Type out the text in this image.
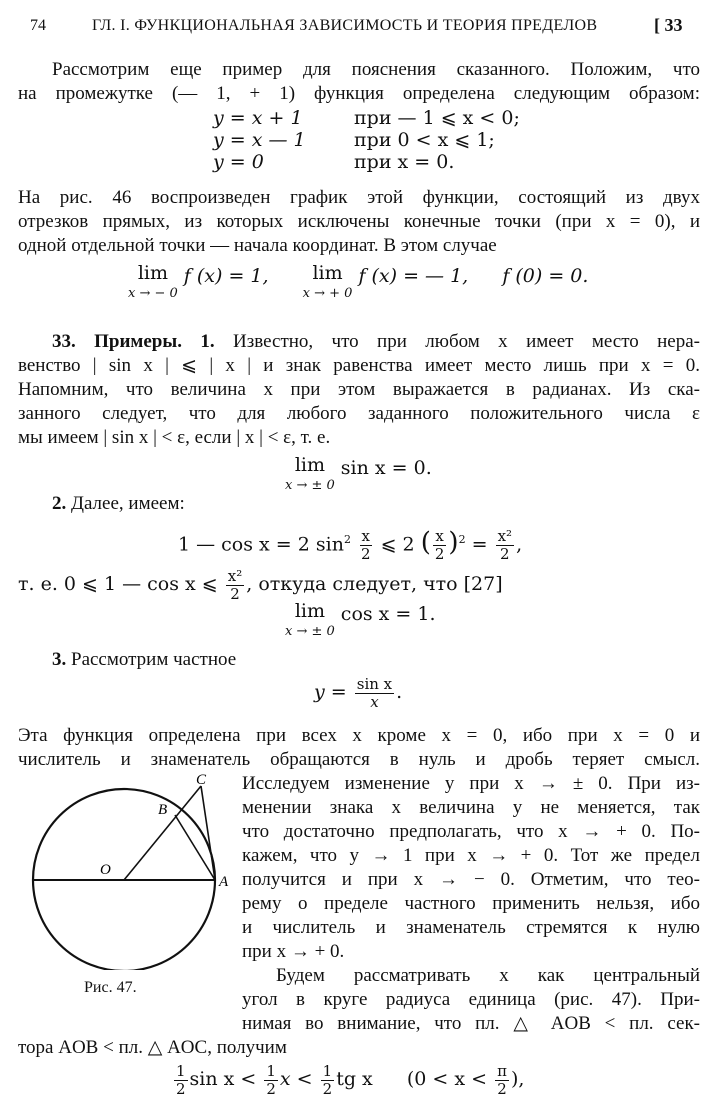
74	ГЛ. I. ФУНКЦИОНАЛЬНАЯ ЗАВИСИМОСТЬ И ТЕОРИЯ ПРЕДЕЛОВ	[ 33
Рассмотрим еще пример для пояснения сказанного. Положим, что
на промежутке (— 1, + 1) функция определена следующим образом:
y = x + 1	при — 1 ⩽ x < 0;
y = x — 1	при 0 < x ⩽ 1;
y = 0	при x = 0.
На рис. 46 воспроизведен график этой функции, состоящий из двух
отрезков прямых, из которых исключены конечные точки (при x = 0), и
одной отдельной точки — начала координат. В этом случае
lim
x → − 0
f (x) = 1, lim
x → + 0
f (x) = — 1, f (0) = 0.
33. Примеры. 1. Известно, что при любом x имеет место нера-
венство | sin x | ⩽ | x | и знак равенства имеет место лишь при x = 0.
Напомним, что величина x при этом выражается в радианах. Из ска-
занного следует, что для любого заданного положительного числа ε
мы имеем | sin x | < ε, если | x | < ε, т. е.
lim
x → ± 0
sin x = 0.
2. Далее, имеем:
1 — cos x = 2 $\sin^2 \frac{x}{2}$ ⩽ 2 ( $\frac{x}{2} )^2 = \frac{\text{x²}}{2}$ ,
т. е. 0 ⩽ 1 — cos x ⩽ $\frac{\text{x²}}{2}$ , откуда следует, что [27]
lim
x → ± 0
cos x = 1.
3. Рассмотрим частное
$y = \frac{\text{sin x}}{x}$ .
Эта функция определена при всех x кроме x = 0, ибо при x = 0 и
числитель и знаменатель обращаются в нуль и дробь теряет смысл.
Исследуем изменение y при x → ± 0. При из-
менении знака x величина y не меняется, так
что достаточно предполагать, что x → + 0. По-
кажем, что y → 1 при x → + 0. Тот же предел
получится и при x → − 0. Отметим, что тео-
рему о пределе частного применить нельзя, ибо
и числитель и знаменатель стремятся к нулю
при x → + 0.
Будем рассматривать x как центральный
угол в круге радиуса единица (рис. 47). При-
нимая во внимание, что пл. △ AOB < пл. сек-
тора AOB < пл. △ AOC, получим
$\frac{1}{2}$ $\sin x < \frac{1}{2}$ $x < \frac{1}{2}$ tg x ($0 < x < \frac{\pi}{2}$ ),
C
B
O
A
Рис. 47.
